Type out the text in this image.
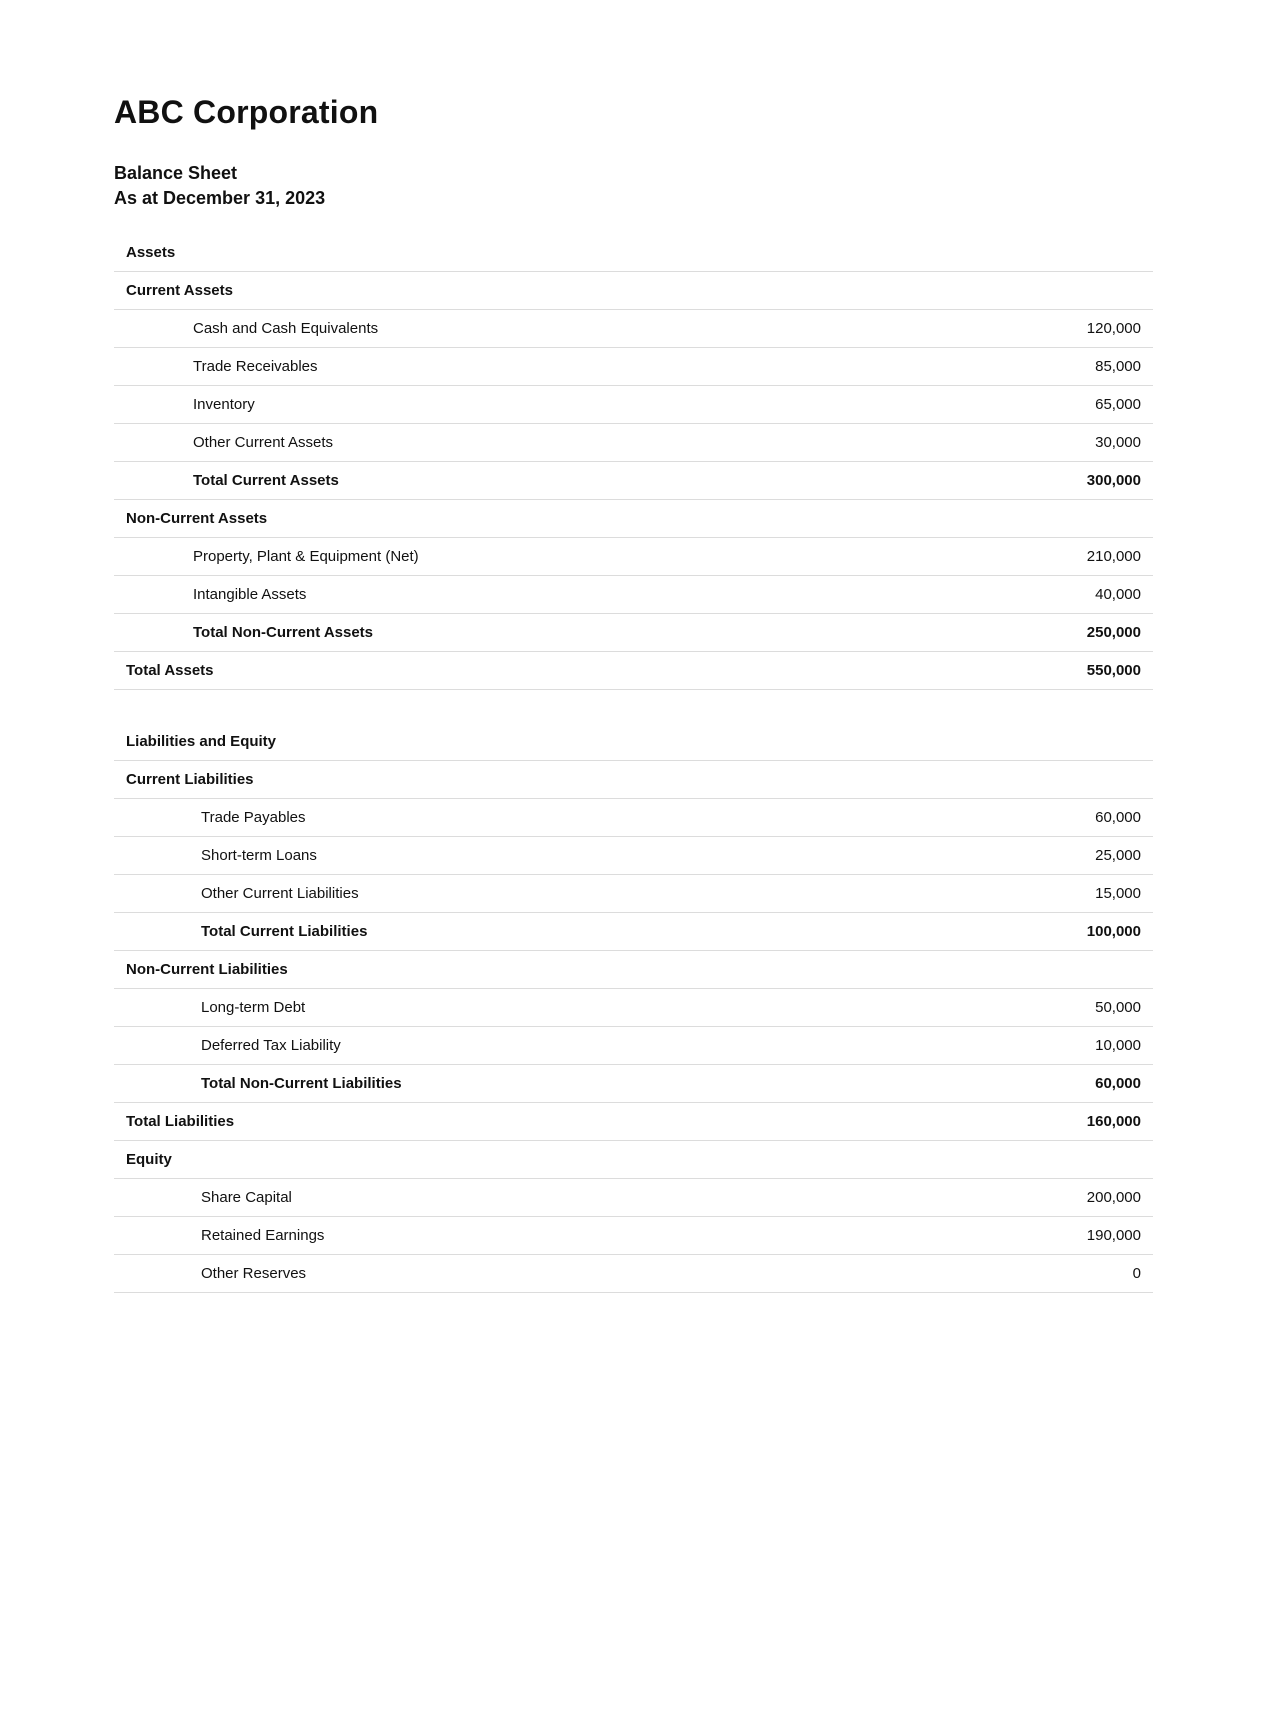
ABC Corporation
Balance Sheet
As at December 31, 2023
Assets	
Current Assets	
Cash and Cash Equivalents	120,000
Trade Receivables	85,000
Inventory	65,000
Other Current Assets	30,000
Total Current Assets	300,000
Non-Current Assets	
Property, Plant & Equipment (Net)	210,000
Intangible Assets	40,000
Total Non-Current Assets	250,000
Total Assets	550,000
Liabilities and Equity	
Current Liabilities	
Trade Payables	60,000
Short-term Loans	25,000
Other Current Liabilities	15,000
Total Current Liabilities	100,000
Non-Current Liabilities	
Long-term Debt	50,000
Deferred Tax Liability	10,000
Total Non-Current Liabilities	60,000
Total Liabilities	160,000
Equity	
Share Capital	200,000
Retained Earnings	190,000
Other Reserves	0
